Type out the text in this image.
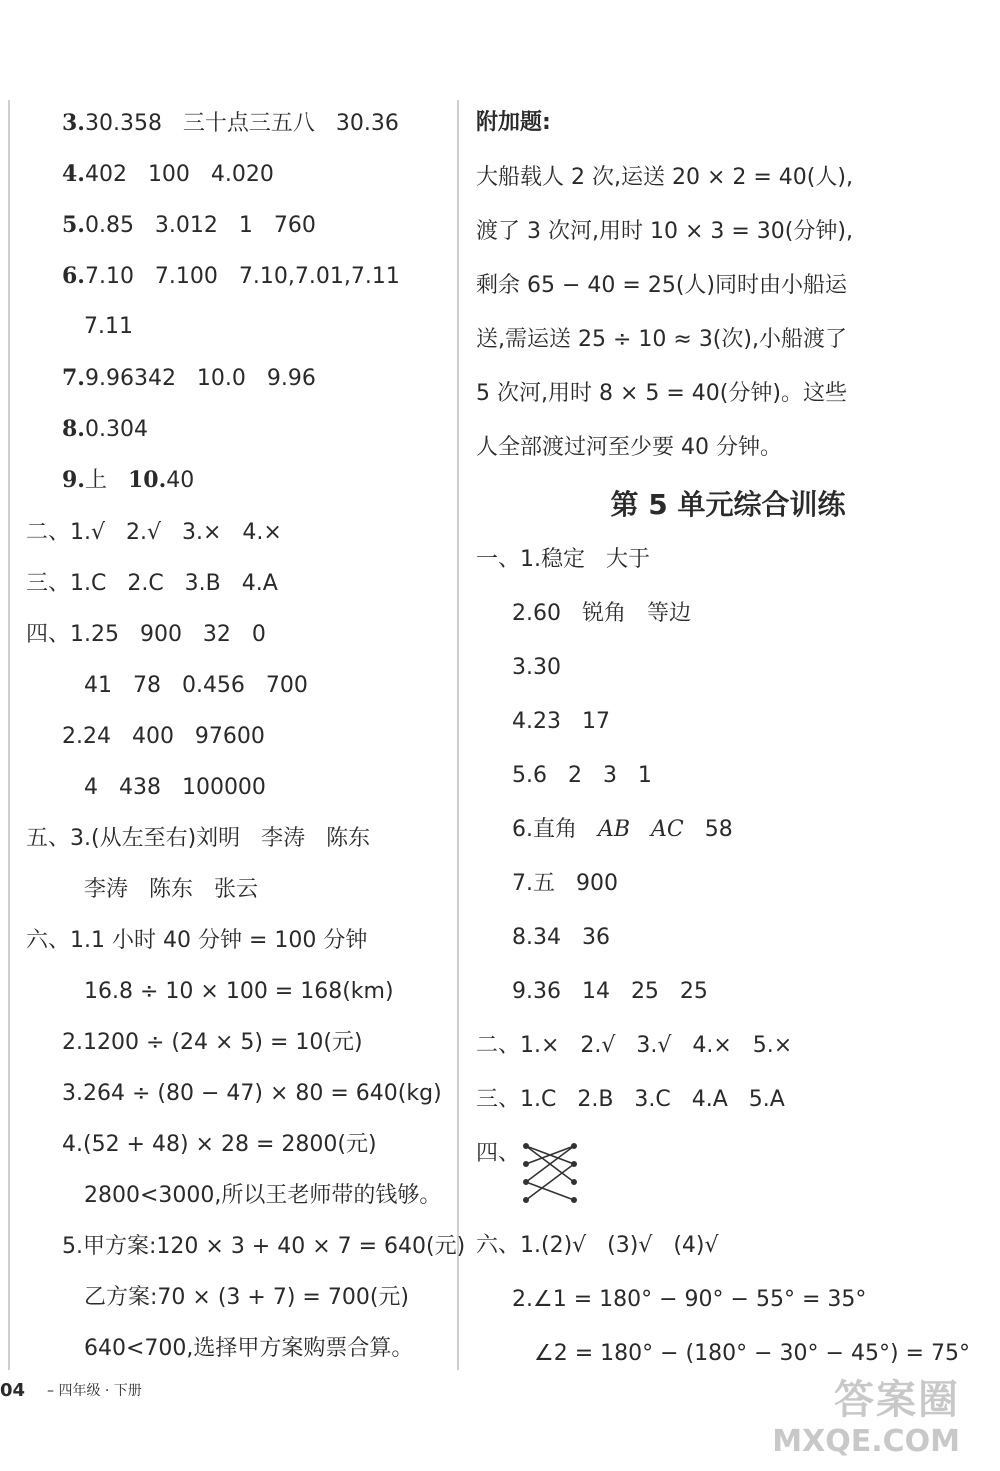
3.30.358   三十点三五八   30.36
4.402   100   4.020
5.0.85   3.012   1   760
6.7.10   7.100   7.10,7.01,7.11
7.11
7.9.96342   10.0   9.96
8.0.304
9.上   10.40
二、1.√   2.√   3.×   4.×
三、1.C   2.C   3.B   4.A
四、1.25   900   32   0
41   78   0.456   700
2.24   400   97600
4   438   100000
五、3.(从左至右)刘明   李涛   陈东
李涛   陈东   张云
六、1.1 小时 40 分钟 = 100 分钟
16.8 ÷ 10 × 100 = 168(km)
2.1200 ÷ (24 × 5) = 10(元)
3.264 ÷ (80 − 47) × 80 = 640(kg)
4.(52 + 48) × 28 = 2800(元)
2800<3000,所以王老师带的钱够。
5.甲方案:120 × 3 + 40 × 7 = 640(元)
乙方案:70 × (3 + 7) = 700(元)
640<700,选择甲方案购票合算。
附加题:
大船载人 2 次,运送 20 × 2 = 40(人),
渡了 3 次河,用时 10 × 3 = 30(分钟),
剩余 65 − 40 = 25(人)同时由小船运
送,需运送 25 ÷ 10 ≈ 3(次),小船渡了
5 次河,用时 8 × 5 = 40(分钟)。这些
人全部渡过河至少要 40 分钟。
第 5 单元综合训练
一、1.稳定   大于
2.60   锐角   等边
3.30
4.23   17
5.6   2   3   1
6.直角   AB AC 58
7.五   900
8.34   36
9.36   14   25   25
二、1.×   2.√   3.√   4.×   5.×
三、1.C   2.B   3.C   4.A   5.A
四、
六、1.(2)√   (3)√   (4)√
2.∠1 = 180° − 90° − 55° = 35°
∠2 = 180° − (180° − 30° − 45°) = 75°
04 – 四年级 · 下册	答案圈
MXQE.COM
